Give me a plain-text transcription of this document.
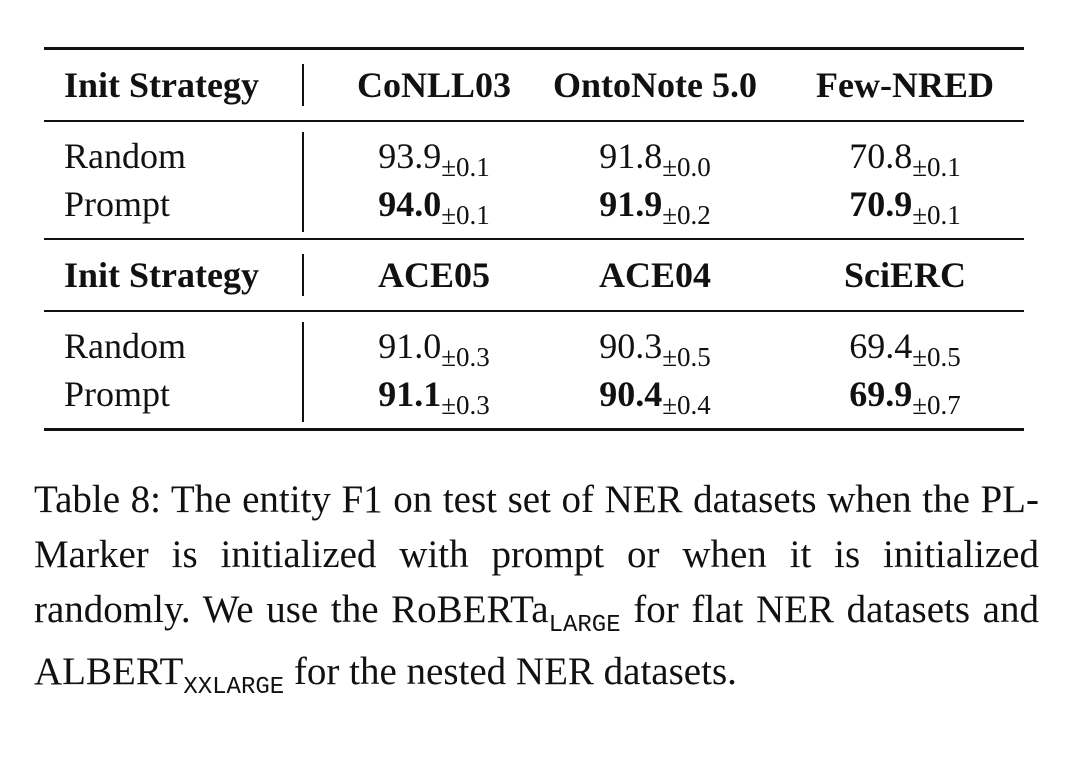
Init Strategy	CoNLL03	OntoNote 5.0	Few-NRED
Random	$93.9_{\pm 0.1}$	$91.8_{\pm 0.0}$	$70.8_{\pm 0.1}$
Prompt	$94.0_{\pm 0.1}$	$91.9_{\pm 0.2}$	$70.9_{\pm 0.1}$
Init Strategy	ACE05	ACE04	SciERC
Random	$91.0_{\pm 0.3}$	$90.3_{\pm 0.5}$	$69.4_{\pm 0.5}$
Prompt	$91.1_{\pm 0.3}$	$90.4_{\pm 0.4}$	$69.9_{\pm 0.7}$
Table 8: The entity F1 on test set of NER datasets when the PL-Marker is initialized with prompt or when it is initialized randomly. We use the RoBERTa$_{LARGE}$ for flat NER datasets and $ALBERT_{XXLARGE}$ for the nested NER datasets.
